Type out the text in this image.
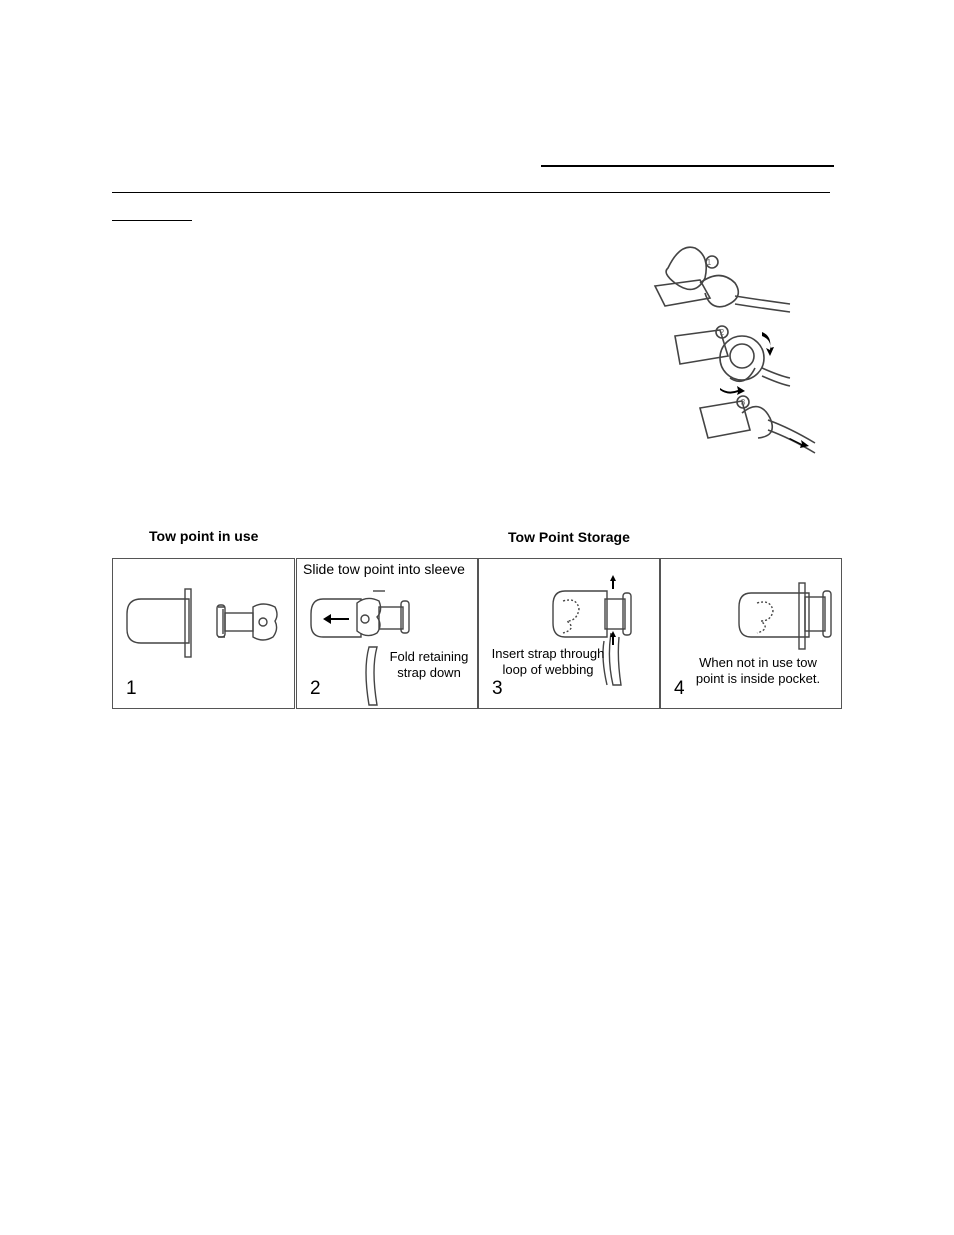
1
2
3
Tow point in use	Tow Point Storage
1
Slide tow point into sleeve
Fold retaining strap down
2
Insert strap through loop of webbing
3
When not in use tow point is inside pocket.
4
